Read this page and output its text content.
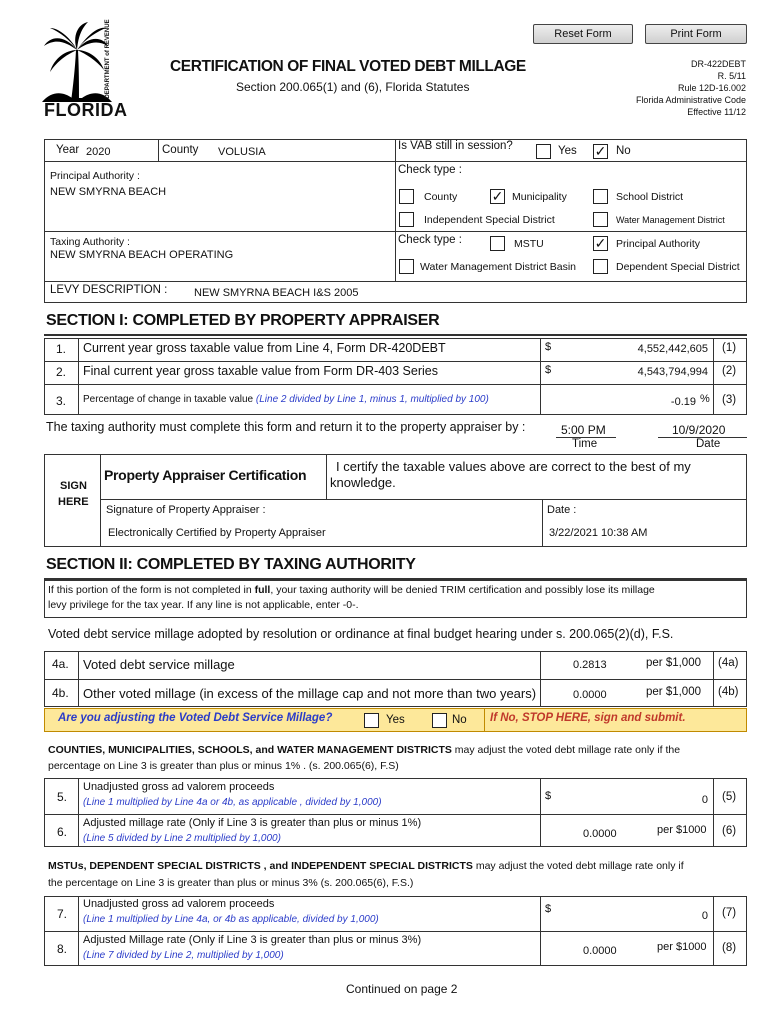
Reset Form	Print Form
FLORIDA
DEPARTMENT of REVENUE	CERTIFICATION OF FINAL VOTED DEBT MILLAGE
Section 200.065(1) and (6), Florida Statutes
DR-422DEBT
R. 5/11
Rule 12D-16.002
Florida Administrative Code
Effective 11/12
Year 2020	County VOLUSIA	Is VAB still in session?	Yes ✓ No
Principal Authority :
NEW SMYRNA BEACH
Check type :
County ✓ Municipality	School District
Independent Special District	Water Management District
Taxing Authority :
NEW SMYRNA BEACH OPERATING
Check type :	MSTU	✓ Principal Authority
Water Management District Basin	Dependent Special District
LEVY DESCRIPTION : NEW SMYRNA BEACH I&S 2005
SECTION I: COMPLETED BY PROPERTY APPRAISER
1. Current year gross taxable value from Line 4, Form DR-420DEBT	$	4,552,442,605 (1)
2. Final current year gross taxable value from Form DR-403 Series	$	4,543,794,994 (2)
3. Percentage of change in taxable value (Line 2 divided by Line 1, minus 1, multiplied by 100)	-0.19 % (3)
The taxing authority must complete this form and return it to the property appraiser by :	5:00 PM
Time
10/9/2020
Date
SIGN
HERE
Property Appraiser Certification
I certify the taxable values above are correct to the best of my
knowledge.
Signature of Property Appraiser :
Electronically Certified by Property Appraiser
Date :
3/22/2021 10:38 AM
SECTION II: COMPLETED BY TAXING AUTHORITY
If this portion of the form is not completed in full, your taxing authority will be denied TRIM certification and possibly lose its millage
levy privilege for the tax year. If any line is not applicable, enter -0-.
Voted debt service millage adopted by resolution or ordinance at final budget hearing under s. 200.065(2)(d), F.S.
4a. Voted debt service millage	0.2813	per $1,000 (4a)
4b. Other voted millage (in excess of the millage cap and not more than two years)	0.0000	per $1,000 (4b)
Are you adjusting the Voted Debt Service Millage?	Yes	No If No, STOP HERE, sign and submit.
COUNTIES, MUNICIPALITIES, SCHOOLS, and WATER MANAGEMENT DISTRICTS may adjust the voted debt millage rate only if the
percentage on Line 3 is greater than plus or minus 1% . (s. 200.065(6), F.S)
5.
Unadjusted gross ad valorem proceeds
(Line 1 multiplied by Line 4a or 4b, as applicable , divided by 1,000)
$	0 (5)
6.
Adjusted millage rate (Only if Line 3 is greater than plus or minus 1%)
(Line 5 divided by Line 2 multiplied by 1,000)	0.0000	per $1000 (6)
MSTUs, DEPENDENT SPECIAL DISTRICTS , and INDEPENDENT SPECIAL DISTRICTS may adjust the voted debt millage rate only if
the percentage on Line 3 is greater than plus or minus 3% (s. 200.065(6), F.S.)
7.
Unadjusted gross ad valorem proceeds
(Line 1 multiplied by Line 4a, or 4b as applicable, divided by 1,000)
$
0 (7)
8.
Adjusted Millage rate (Only if Line 3 is greater than plus or minus 3%)
(Line 7 divided by Line 2, multiplied by 1,000)	0.0000	per $1000 (8)
Continued on page 2
